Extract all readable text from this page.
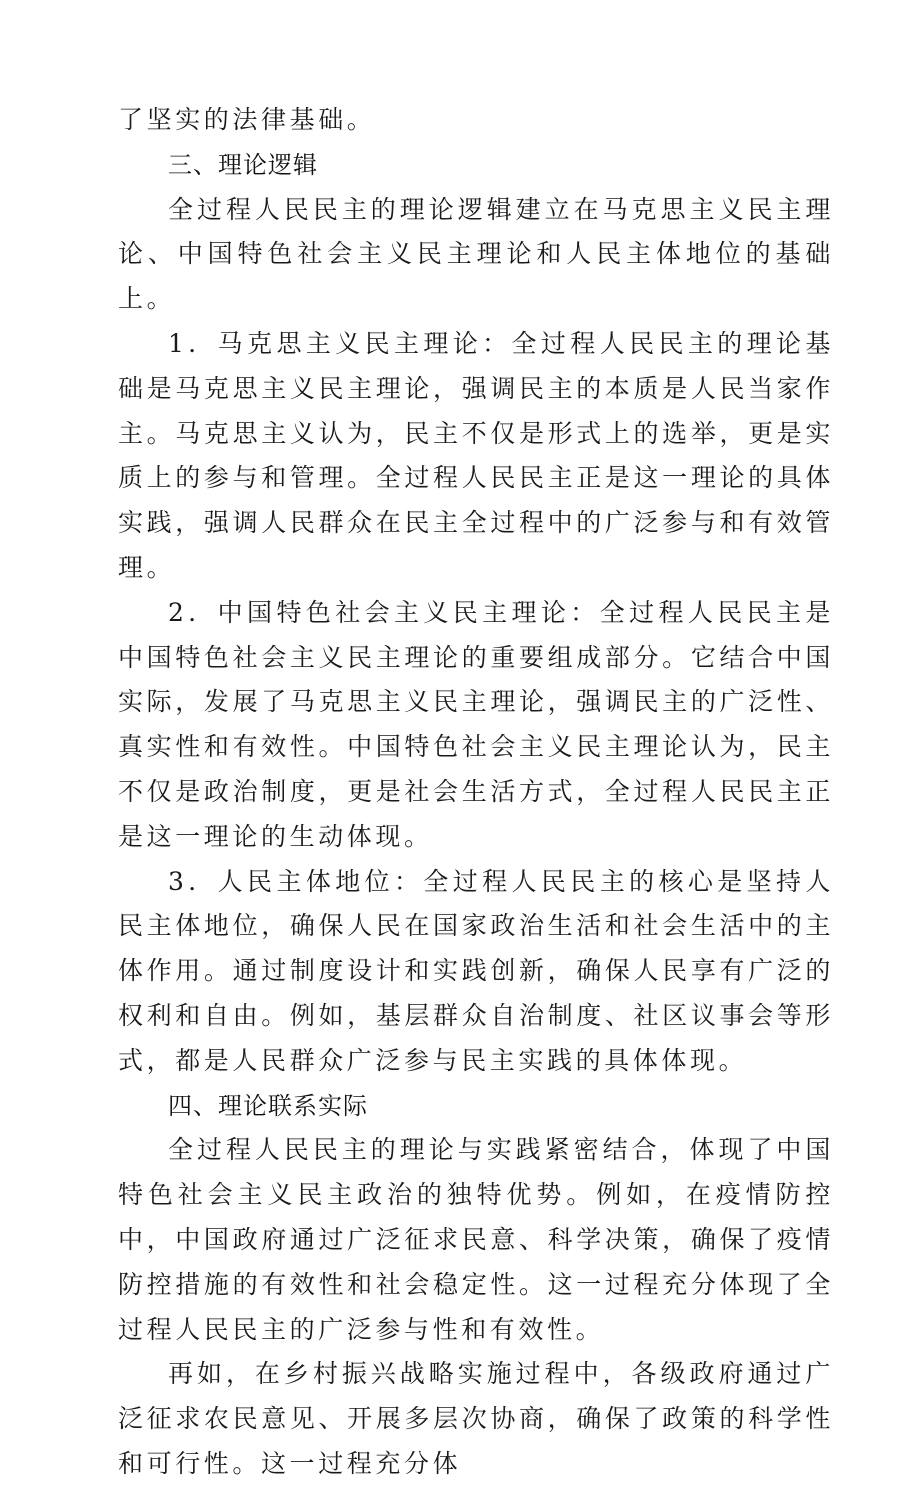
了坚实的法律基础。

三、理论逻辑

全过程人民民主的理论逻辑建立在马克思主义民主理论、中国特色社会主义民主理论和人民主体地位的基础上。

1．马克思主义民主理论：全过程人民民主的理论基础是马克思主义民主理论，强调民主的本质是人民当家作主。马克思主义认为，民主不仅是形式上的选举，更是实质上的参与和管理。全过程人民民主正是这一理论的具体实践，强调人民群众在民主全过程中的广泛参与和有效管理。

2．中国特色社会主义民主理论：全过程人民民主是中国特色社会主义民主理论的重要组成部分。它结合中国实际，发展了马克思主义民主理论，强调民主的广泛性、真实性和有效性。中国特色社会主义民主理论认为，民主不仅是政治制度，更是社会生活方式，全过程人民民主正是这一理论的生动体现。

3．人民主体地位：全过程人民民主的核心是坚持人民主体地位，确保人民在国家政治生活和社会生活中的主体作用。通过制度设计和实践创新，确保人民享有广泛的权利和自由。例如，基层群众自治制度、社区议事会等形式，都是人民群众广泛参与民主实践的具体体现。

四、理论联系实际

全过程人民民主的理论与实践紧密结合，体现了中国特色社会主义民主政治的独特优势。例如，在疫情防控中，中国政府通过广泛征求民意、科学决策，确保了疫情防控措施的有效性和社会稳定性。这一过程充分体现了全过程人民民主的广泛参与性和有效性。

再如，在乡村振兴战略实施过程中，各级政府通过广泛征求农民意见、开展多层次协商，确保了政策的科学性和可行性。这一过程充分体
